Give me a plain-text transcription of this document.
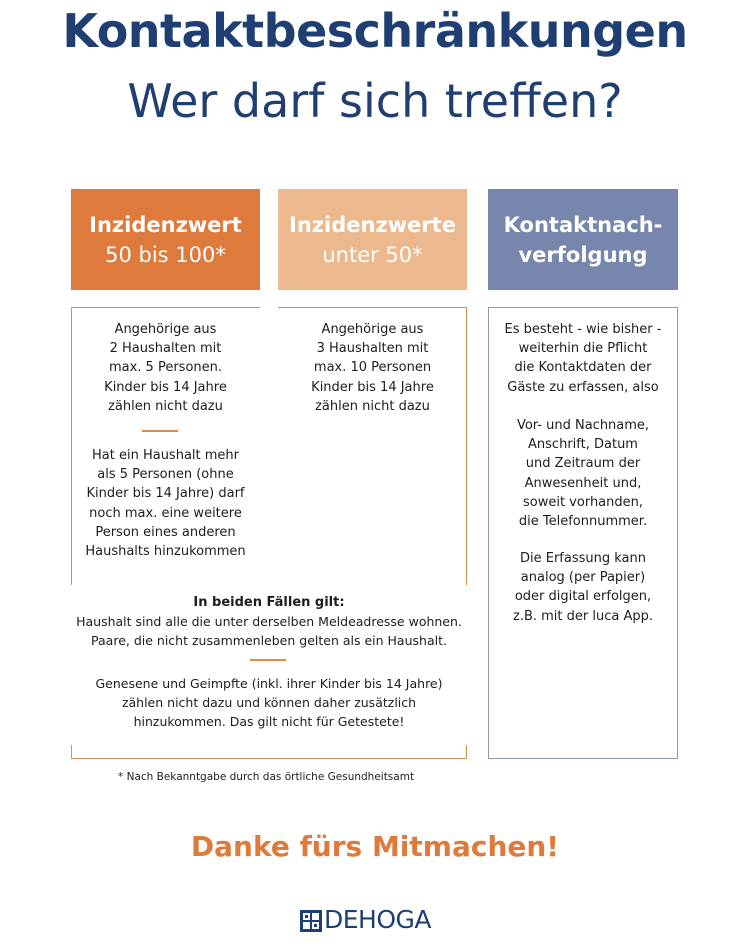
Kontaktbeschränkungen
Wer darf sich treffen?
Inzidenzwert
50 bis 100*
Inzidenzwerte
unter 50*
Kontaktnach-
verfolgung
Angehörige aus
2 Haushalten mit
max. 5 Personen.
Kinder bis 14 Jahre
zählen nicht dazu
Hat ein Haushalt mehr
als 5 Personen (ohne
Kinder bis 14 Jahre) darf
noch max. eine weitere
Person eines anderen
Haushalts hinzukommen
Angehörige aus
3 Haushalten mit
max. 10 Personen
Kinder bis 14 Jahre
zählen nicht dazu
In beiden Fällen gilt:
Haushalt sind alle die unter derselben Meldeadresse wohnen.
Paare, die nicht zusammenleben gelten als ein Haushalt.
Genesene und Geimpfte (inkl. ihrer Kinder bis 14 Jahre)
zählen nicht dazu und können daher zusätzlich
hinzukommen. Das gilt nicht für Getestete!
Es besteht - wie bisher -
weiterhin die Pflicht
die Kontaktdaten der
Gäste zu erfassen, also
Vor- und Nachname,
Anschrift, Datum
und Zeitraum der
Anwesenheit und,
soweit vorhanden,
die Telefonnummer.
Die Erfassung kann
analog (per Papier)
oder digital erfolgen,
z.B. mit der luca App.
* Nach Bekanntgabe durch das örtliche Gesundheitsamt
Danke fürs Mitmachen!
DEHOGA
